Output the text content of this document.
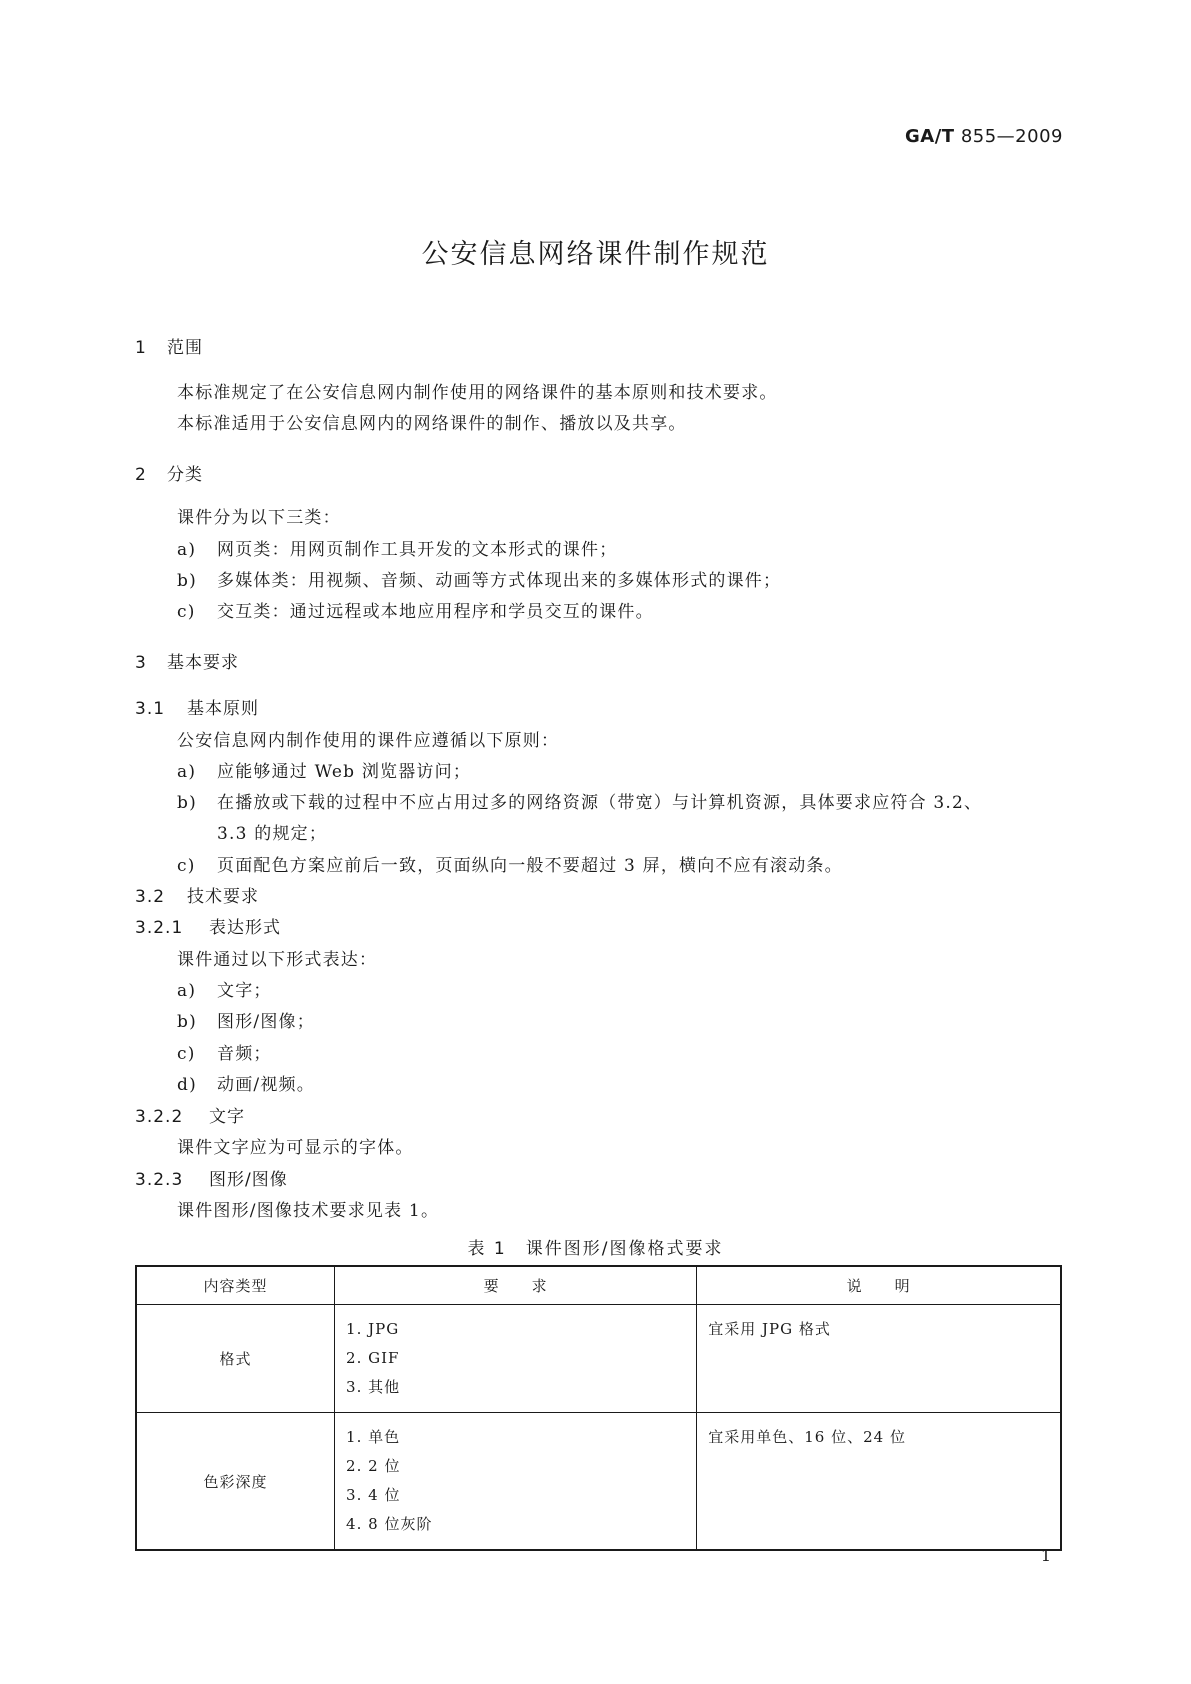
GA/T 855—2009
公安信息网络课件制作规范
1 范围
本标准规定了在公安信息网内制作使用的网络课件的基本原则和技术要求。
本标准适用于公安信息网内的网络课件的制作、播放以及共享。
2 分类
课件分为以下三类：
a) 网页类：用网页制作工具开发的文本形式的课件；
b) 多媒体类：用视频、音频、动画等方式体现出来的多媒体形式的课件；
c) 交互类：通过远程或本地应用程序和学员交互的课件。
3 基本要求
3.1 基本原则
公安信息网内制作使用的课件应遵循以下原则：
a) 应能够通过 Web 浏览器访问；
b) 在播放或下载的过程中不应占用过多的网络资源（带宽）与计算机资源，具体要求应符合 3.2、
3.3 的规定；
c) 页面配色方案应前后一致，页面纵向一般不要超过 3 屏，横向不应有滚动条。
3.2 技术要求
3.2.1 表达形式
课件通过以下形式表达：
a) 文字；
b) 图形/图像；
c) 音频；
d) 动画/视频。
3.2.2 文字
课件文字应为可显示的字体。
3.2.3 图形/图像
课件图形/图像技术要求见表 1。
表 1　课件图形/图像格式要求
内容类型	要　　求	说　　明
格式	1. JPG
2. GIF
3. 其他	宜采用 JPG 格式
色彩深度	1. 单色
2. 2 位
3. 4 位
4. 8 位灰阶	宜采用单色、16 位、24 位
1
